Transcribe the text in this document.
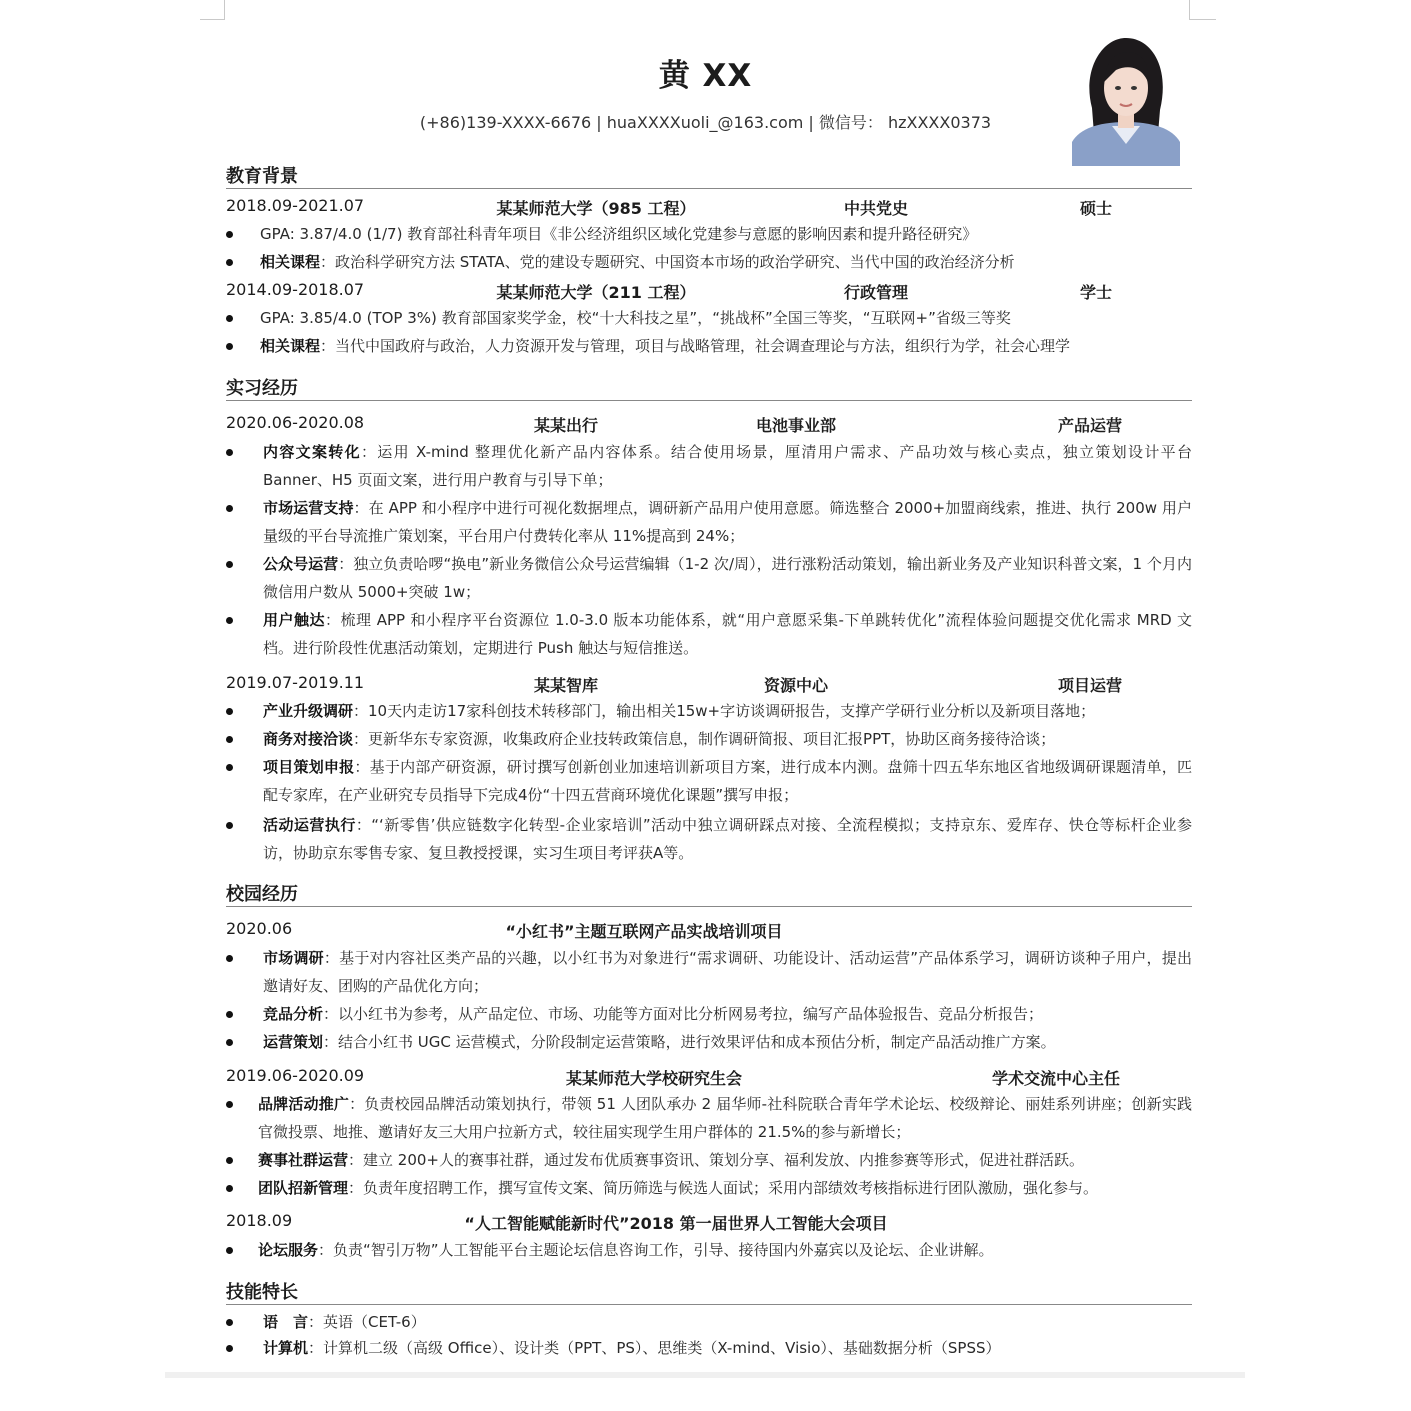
黄 XX
(+86)139-XXXX-6676 | huaXXXXuoli_@163.com | 微信号： hzXXXX0373
教育背景
2018.09-2021.07	某某师范大学（985 工程）	中共党史	硕士
GPA: 3.87/4.0 (1/7) 教育部社科青年项目《非公经济组织区域化党建参与意愿的影响因素和提升路径研究》
相关课程：政治科学研究方法 STATA、党的建设专题研究、中国资本市场的政治学研究、当代中国的政治经济分析
2014.09-2018.07	某某师范大学（211 工程）	行政管理	学士
GPA: 3.85/4.0 (TOP 3%) 教育部国家奖学金，校“十大科技之星”，“挑战杯”全国三等奖，“互联网+”省级三等奖
相关课程：当代中国政府与政治，人力资源开发与管理，项目与战略管理，社会调查理论与方法，组织行为学，社会心理学
实习经历
2020.06-2020.08	某某出行	电池事业部	产品运营
内容文案转化：运用 X-mind 整理优化新产品内容体系。结合使用场景，厘清用户需求、产品功效与核心卖点，独立策划设计平台 Banner、H5 页面文案，进行用户教育与引导下单；
市场运营支持：在 APP 和小程序中进行可视化数据埋点，调研新产品用户使用意愿。筛选整合 2000+加盟商线索，推进、执行 200w 用户量级的平台导流推广策划案，平台用户付费转化率从 11%提高到 24%；
公众号运营：独立负责哈啰“换电”新业务微信公众号运营编辑（1-2 次/周），进行涨粉活动策划，输出新业务及产业知识科普文案，1 个月内微信用户数从 5000+突破 1w；
用户触达：梳理 APP 和小程序平台资源位 1.0-3.0 版本功能体系，就“用户意愿采集-下单跳转优化”流程体验问题提交优化需求 MRD 文档。进行阶段性优惠活动策划，定期进行 Push 触达与短信推送。
2019.07-2019.11	某某智库	资源中心	项目运营
产业升级调研：10天内走访17家科创技术转移部门，输出相关15w+字访谈调研报告，支撑产学研行业分析以及新项目落地；
商务对接洽谈：更新华东专家资源，收集政府企业技转政策信息，制作调研简报、项目汇报PPT，协助区商务接待洽谈；
项目策划申报：基于内部产研资源，研讨撰写创新创业加速培训新项目方案，进行成本内测。盘筛十四五华东地区省地级调研课题清单，匹配专家库，在产业研究专员指导下完成4份“十四五营商环境优化课题”撰写申报；
活动运营执行：“‘新零售’供应链数字化转型-企业家培训”活动中独立调研踩点对接、全流程模拟；支持京东、爱库存、快仓等标杆企业参访，协助京东零售专家、复旦教授授课，实习生项目考评获A等。
校园经历
2020.06	“小红书”主题互联网产品实战培训项目
市场调研：基于对内容社区类产品的兴趣，以小红书为对象进行“需求调研、功能设计、活动运营”产品体系学习，调研访谈种子用户，提出邀请好友、团购的产品优化方向；
竞品分析：以小红书为参考，从产品定位、市场、功能等方面对比分析网易考拉，编写产品体验报告、竞品分析报告；
运营策划：结合小红书 UGC 运营模式，分阶段制定运营策略，进行效果评估和成本预估分析，制定产品活动推广方案。
2019.06-2020.09	某某师范大学校研究生会	学术交流中心主任
品牌活动推广：负责校园品牌活动策划执行，带领 51 人团队承办 2 届华师-社科院联合青年学术论坛、校级辩论、丽娃系列讲座；创新实践官微投票、地推、邀请好友三大用户拉新方式，较往届实现学生用户群体的 21.5%的参与新增长；
赛事社群运营：建立 200+人的赛事社群，通过发布优质赛事资讯、策划分享、福利发放、内推参赛等形式，促进社群活跃。
团队招新管理：负责年度招聘工作，撰写宣传文案、简历筛选与候选人面试；采用内部绩效考核指标进行团队激励，强化参与。
2018.09	“人工智能赋能新时代”2018 第一届世界人工智能大会项目
论坛服务：负责“智引万物”人工智能平台主题论坛信息咨询工作，引导、接待国内外嘉宾以及论坛、企业讲解。
技能特长
语　言：英语（CET-6）
计算机：计算机二级（高级 Office）、设计类（PPT、PS）、思维类（X-mind、Visio）、基础数据分析（SPSS）
